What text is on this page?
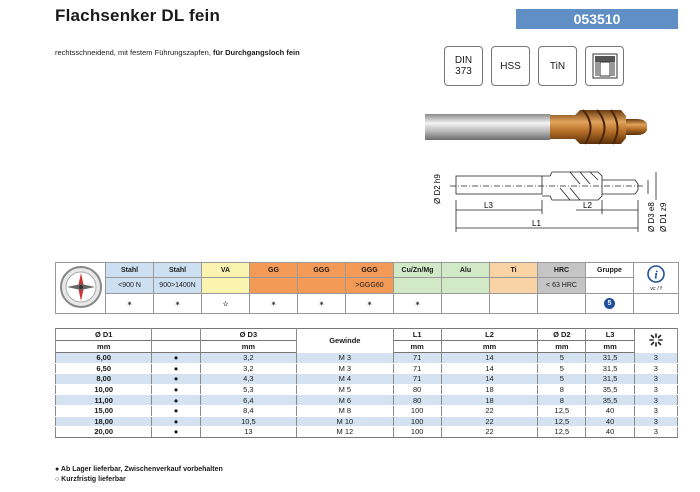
Flachsenker DL fein	053510
rechtsschneidend, mit festem Führungszapfen, für Durchgangsloch fein
DIN
373	HSS	TiN
Ø D2 h9
L3	L2
L1	Ø D3 e8 Ø D1 z9
	Stahl	Stahl	VA	GG	GGG	GGG	Cu/Zn/Mg	Alu	Ti	HRC	Gruppe	i

vc / f
	<900 N	900>1400N				>GGG60				< 63 HRC		
	✶	✶	✫	✶	✶	✶	✶				5	
Ø D1		Ø D3	Gewinde	L1	L2	Ø D2	L3	
mm		mm		mm	mm	mm	mm	
6,00	●	3,2	M 3	71	14	5	31,5	3
6,50	●	3,2	M 3	71	14	5	31,5	3
8,00	●	4,3	M 4	71	14	5	31,5	3
10,00	●	5,3	M 5	80	18	8	35,5	3
11,00	●	6,4	M 6	80	18	8	35,5	3
15,00	●	8,4	M 8	100	22	12,5	40	3
18,00	●	10,5	M 10	100	22	12,5	40	3
20,00	●	13	M 12	100	22	12,5	40	3
● Ab Lager lieferbar, Zwischenverkauf vorbehalten
○ Kurzfristig lieferbar
